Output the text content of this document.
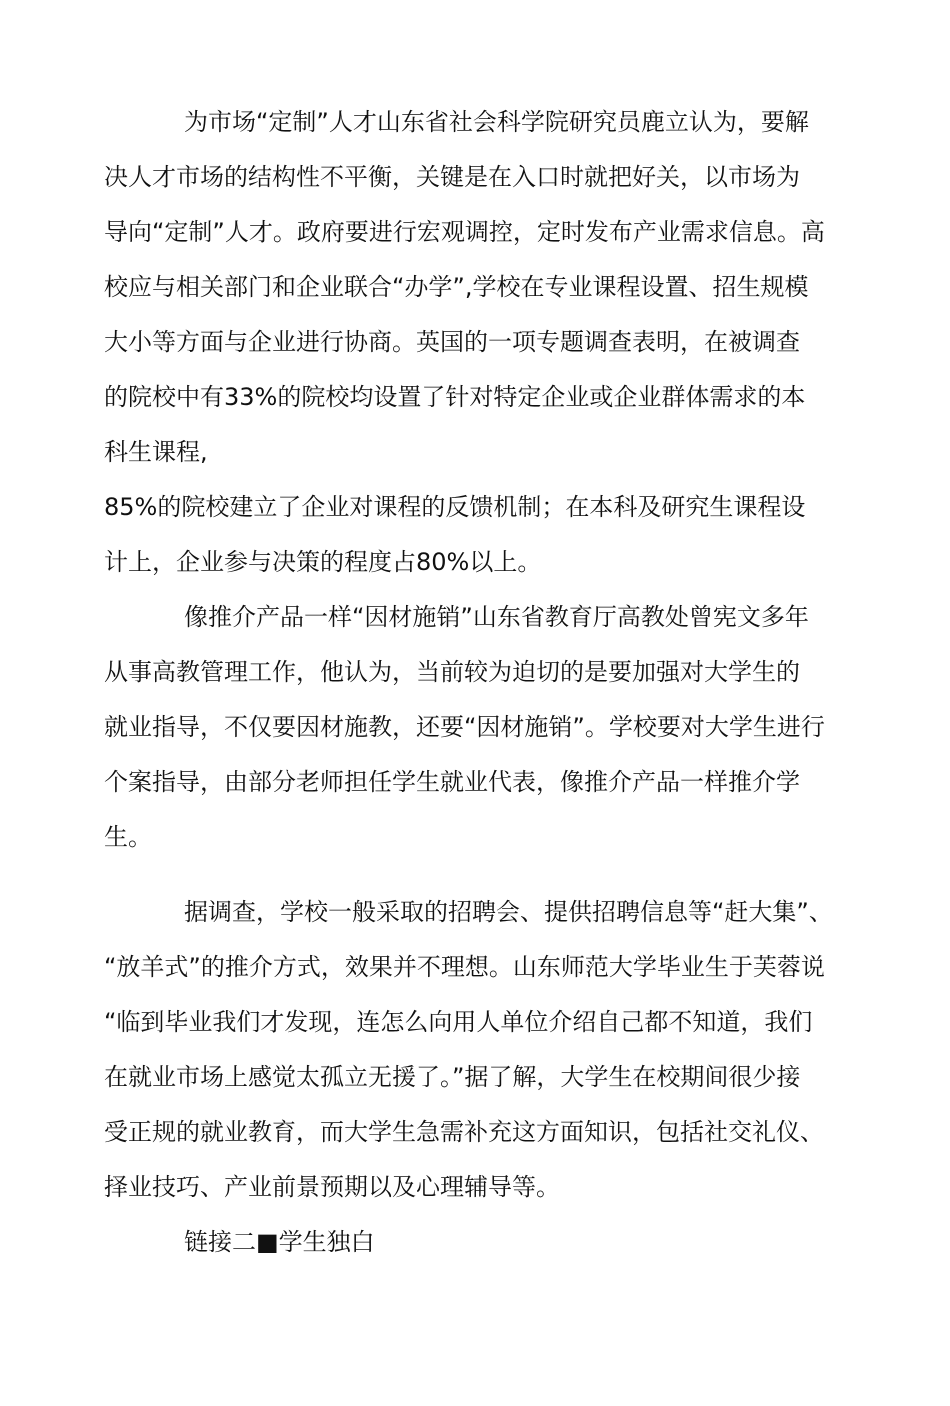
为市场“定制”人才山东省社会科学院研究员鹿立认为，要解
决人才市场的结构性不平衡，关键是在入口时就把好关，以市场为
导向“定制”人才。政府要进行宏观调控，定时发布产业需求信息。高
校应与相关部门和企业联合“办学”,学校在专业课程设置、招生规模
大小等方面与企业进行协商。英国的一项专题调查表明，在被调查
的院校中有33%的院校均设置了针对特定企业或企业群体需求的本
科生课程,
85%的院校建立了企业对课程的反馈机制；在本科及研究生课程设
计上，企业参与决策的程度占80%以上。
像推介产品一样“因材施销”山东省教育厅高教处曾宪文多年
从事高教管理工作，他认为，当前较为迫切的是要加强对大学生的
就业指导，不仅要因材施教，还要“因材施销”。学校要对大学生进行
个案指导，由部分老师担任学生就业代表，像推介产品一样推介学
生。
据调查，学校一般采取的招聘会、提供招聘信息等“赶大集”、
“放羊式”的推介方式，效果并不理想。山东师范大学毕业生于芙蓉说
“临到毕业我们才发现，连怎么向用人单位介绍自己都不知道，我们
在就业市场上感觉太孤立无援了。”据了解，大学生在校期间很少接
受正规的就业教育，而大学生急需补充这方面知识，包括社交礼仪、
择业技巧、产业前景预期以及心理辅导等。
链接二■学生独白
